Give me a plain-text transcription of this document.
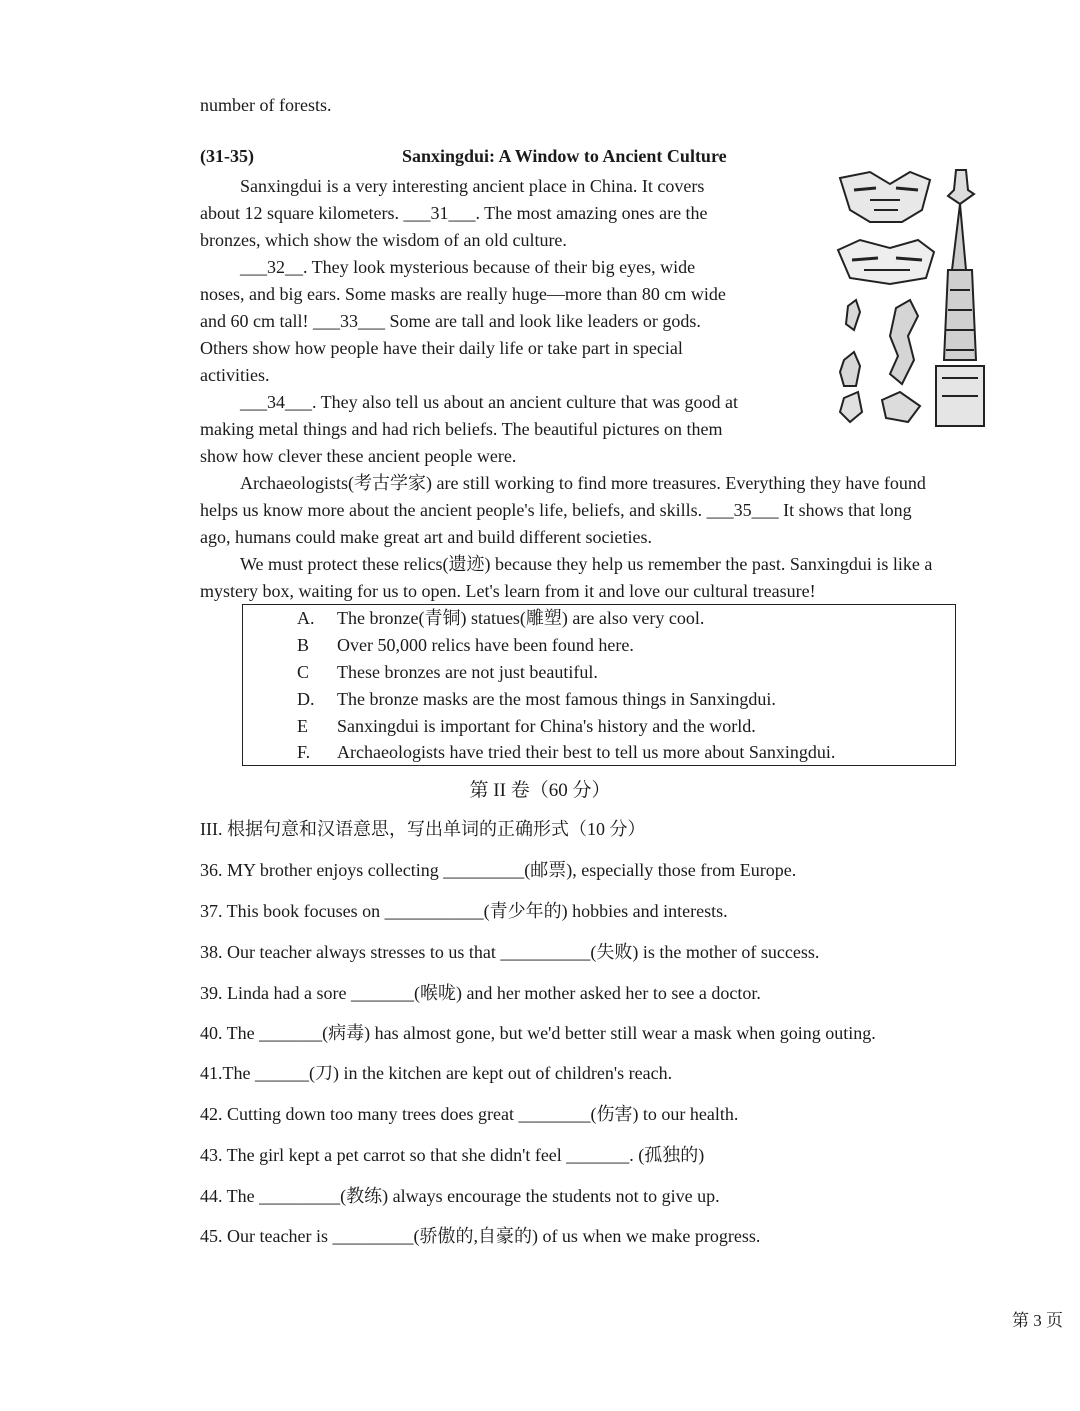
number of forests.
(31-35)	Sanxingdui: A Window to Ancient Culture
Sanxingdui is a very interesting ancient place in China. It covers
about 12 square kilometers. ___31___. The most amazing ones are the
bronzes, which show the wisdom of an old culture.
___32__. They look mysterious because of their big eyes, wide
noses, and big ears. Some masks are really huge—more than 80 cm wide
and 60 cm tall! ___33___ Some are tall and look like leaders or gods.
Others show how people have their daily life or take part in special
activities.
___34___. They also tell us about an ancient culture that was good at
making metal things and had rich beliefs. The beautiful pictures on them
show how clever these ancient people were.
Archaeologists(考古学家) are still working to find more treasures. Everything they have found
helps us know more about the ancient people's life, beliefs, and skills. ___35___ It shows that long
ago, humans could make great art and build different societies.
We must protect these relics(遗迹) because they help us remember the past. Sanxingdui is like a
mystery box, waiting for us to open. Let's learn from it and love our cultural treasure!
A. The bronze(青铜) statues(雕塑) are also very cool.
B Over 50,000 relics have been found here.
C These bronzes are not just beautiful.
D. The bronze masks are the most famous things in Sanxingdui.
E Sanxingdui is important for China's history and the world.
F. Archaeologists have tried their best to tell us more about Sanxingdui.
第 II 卷（60 分）
III. 根据句意和汉语意思，写出单词的正确形式（10 分）
36. MY brother enjoys collecting _________(邮票), especially those from Europe.
37. This book focuses on ___________(青少年的) hobbies and interests.
38. Our teacher always stresses to us that __________(失败) is the mother of success.
39. Linda had a sore _______(喉咙) and her mother asked her to see a doctor.
40. The _______(病毒) has almost gone, but we'd better still wear a mask when going outing.
41.The ______(刀) in the kitchen are kept out of children's reach.
42. Cutting down too many trees does great ________(伤害) to our health.
43. The girl kept a pet carrot so that she didn't feel _______. (孤独的)
44. The _________(教练) always encourage the students not to give up.
45. Our teacher is _________(骄傲的,自豪的) of us when we make progress.
第 3 页
